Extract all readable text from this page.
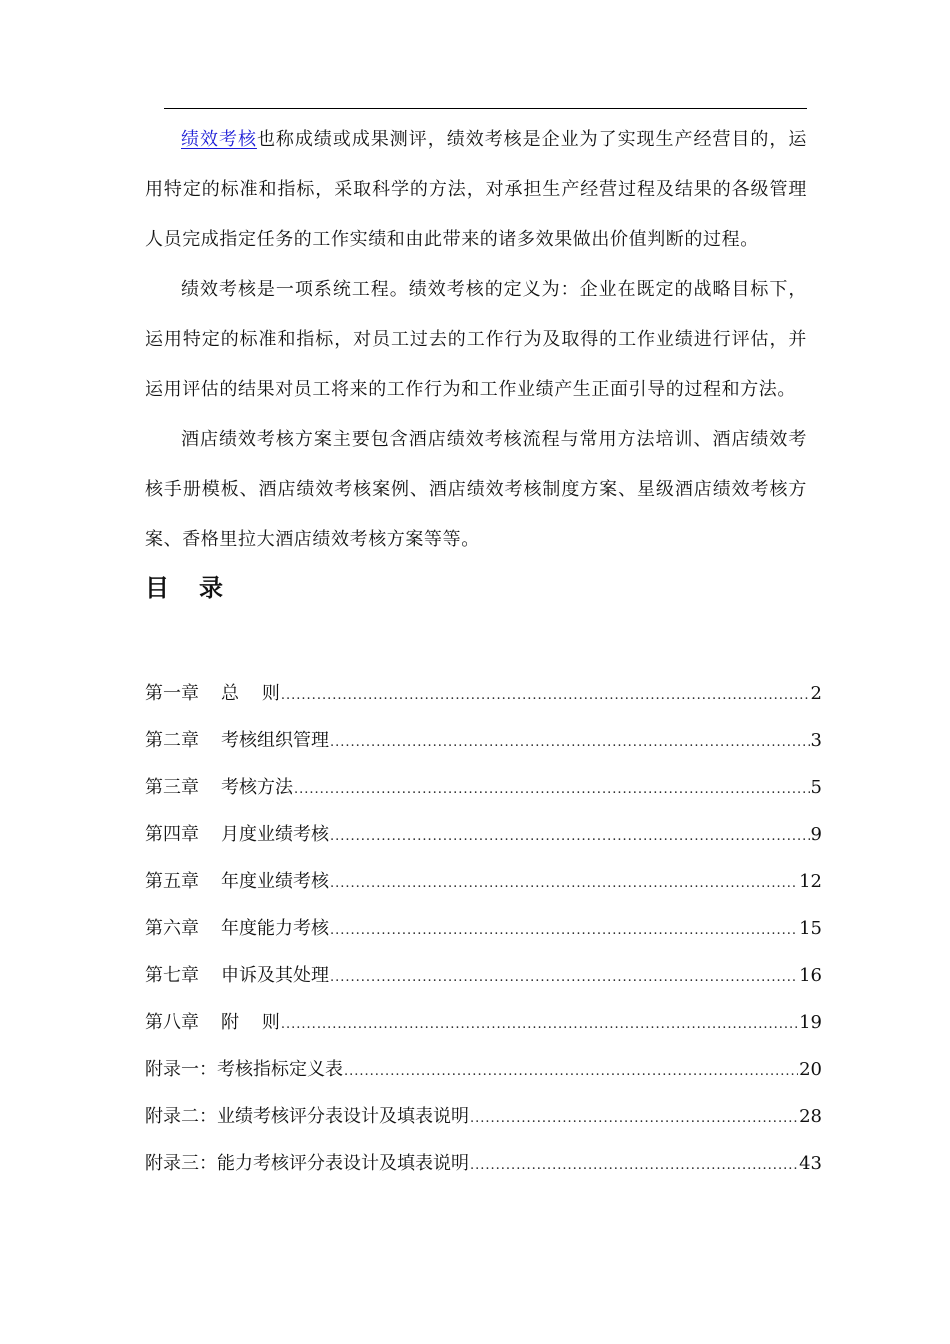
绩效考核也称成绩或成果测评，绩效考核是企业为了实现生产经营目的，运用特定的标准和指标，采取科学的方法，对承担生产经营过程及结果的各级管理人员完成指定任务的工作实绩和由此带来的诸多效果做出价值判断的过程。

绩效考核是一项系统工程。绩效考核的定义为：企业在既定的战略目标下，运用特定的标准和指标，对员工过去的工作行为及取得的工作业绩进行评估，并运用评估的结果对员工将来的工作行为和工作业绩产生正面引导的过程和方法。

酒店绩效考核方案主要包含酒店绩效考核流程与常用方法培训、酒店绩效考核手册模板、酒店绩效考核案例、酒店绩效考核制度方案、星级酒店绩效考核方案、香格里拉大酒店绩效考核方案等等。

目录
第一章	总    则 .....	2
第二章	考核组织管理 .....	3
第三章	考核方法 .....	5
第四章	月度业绩考核 .....	9
第五章	年度业绩考核 .....	12
第六章	年度能力考核 .....	15
第七章	申诉及其处理 .....	16
第八章	附    则 .....	19
附录一： 考核指标定义表 .....	20
附录二： 业绩考核评分表设计及填表说明 .....	28
附录三： 能力考核评分表设计及填表说明 .....	43
